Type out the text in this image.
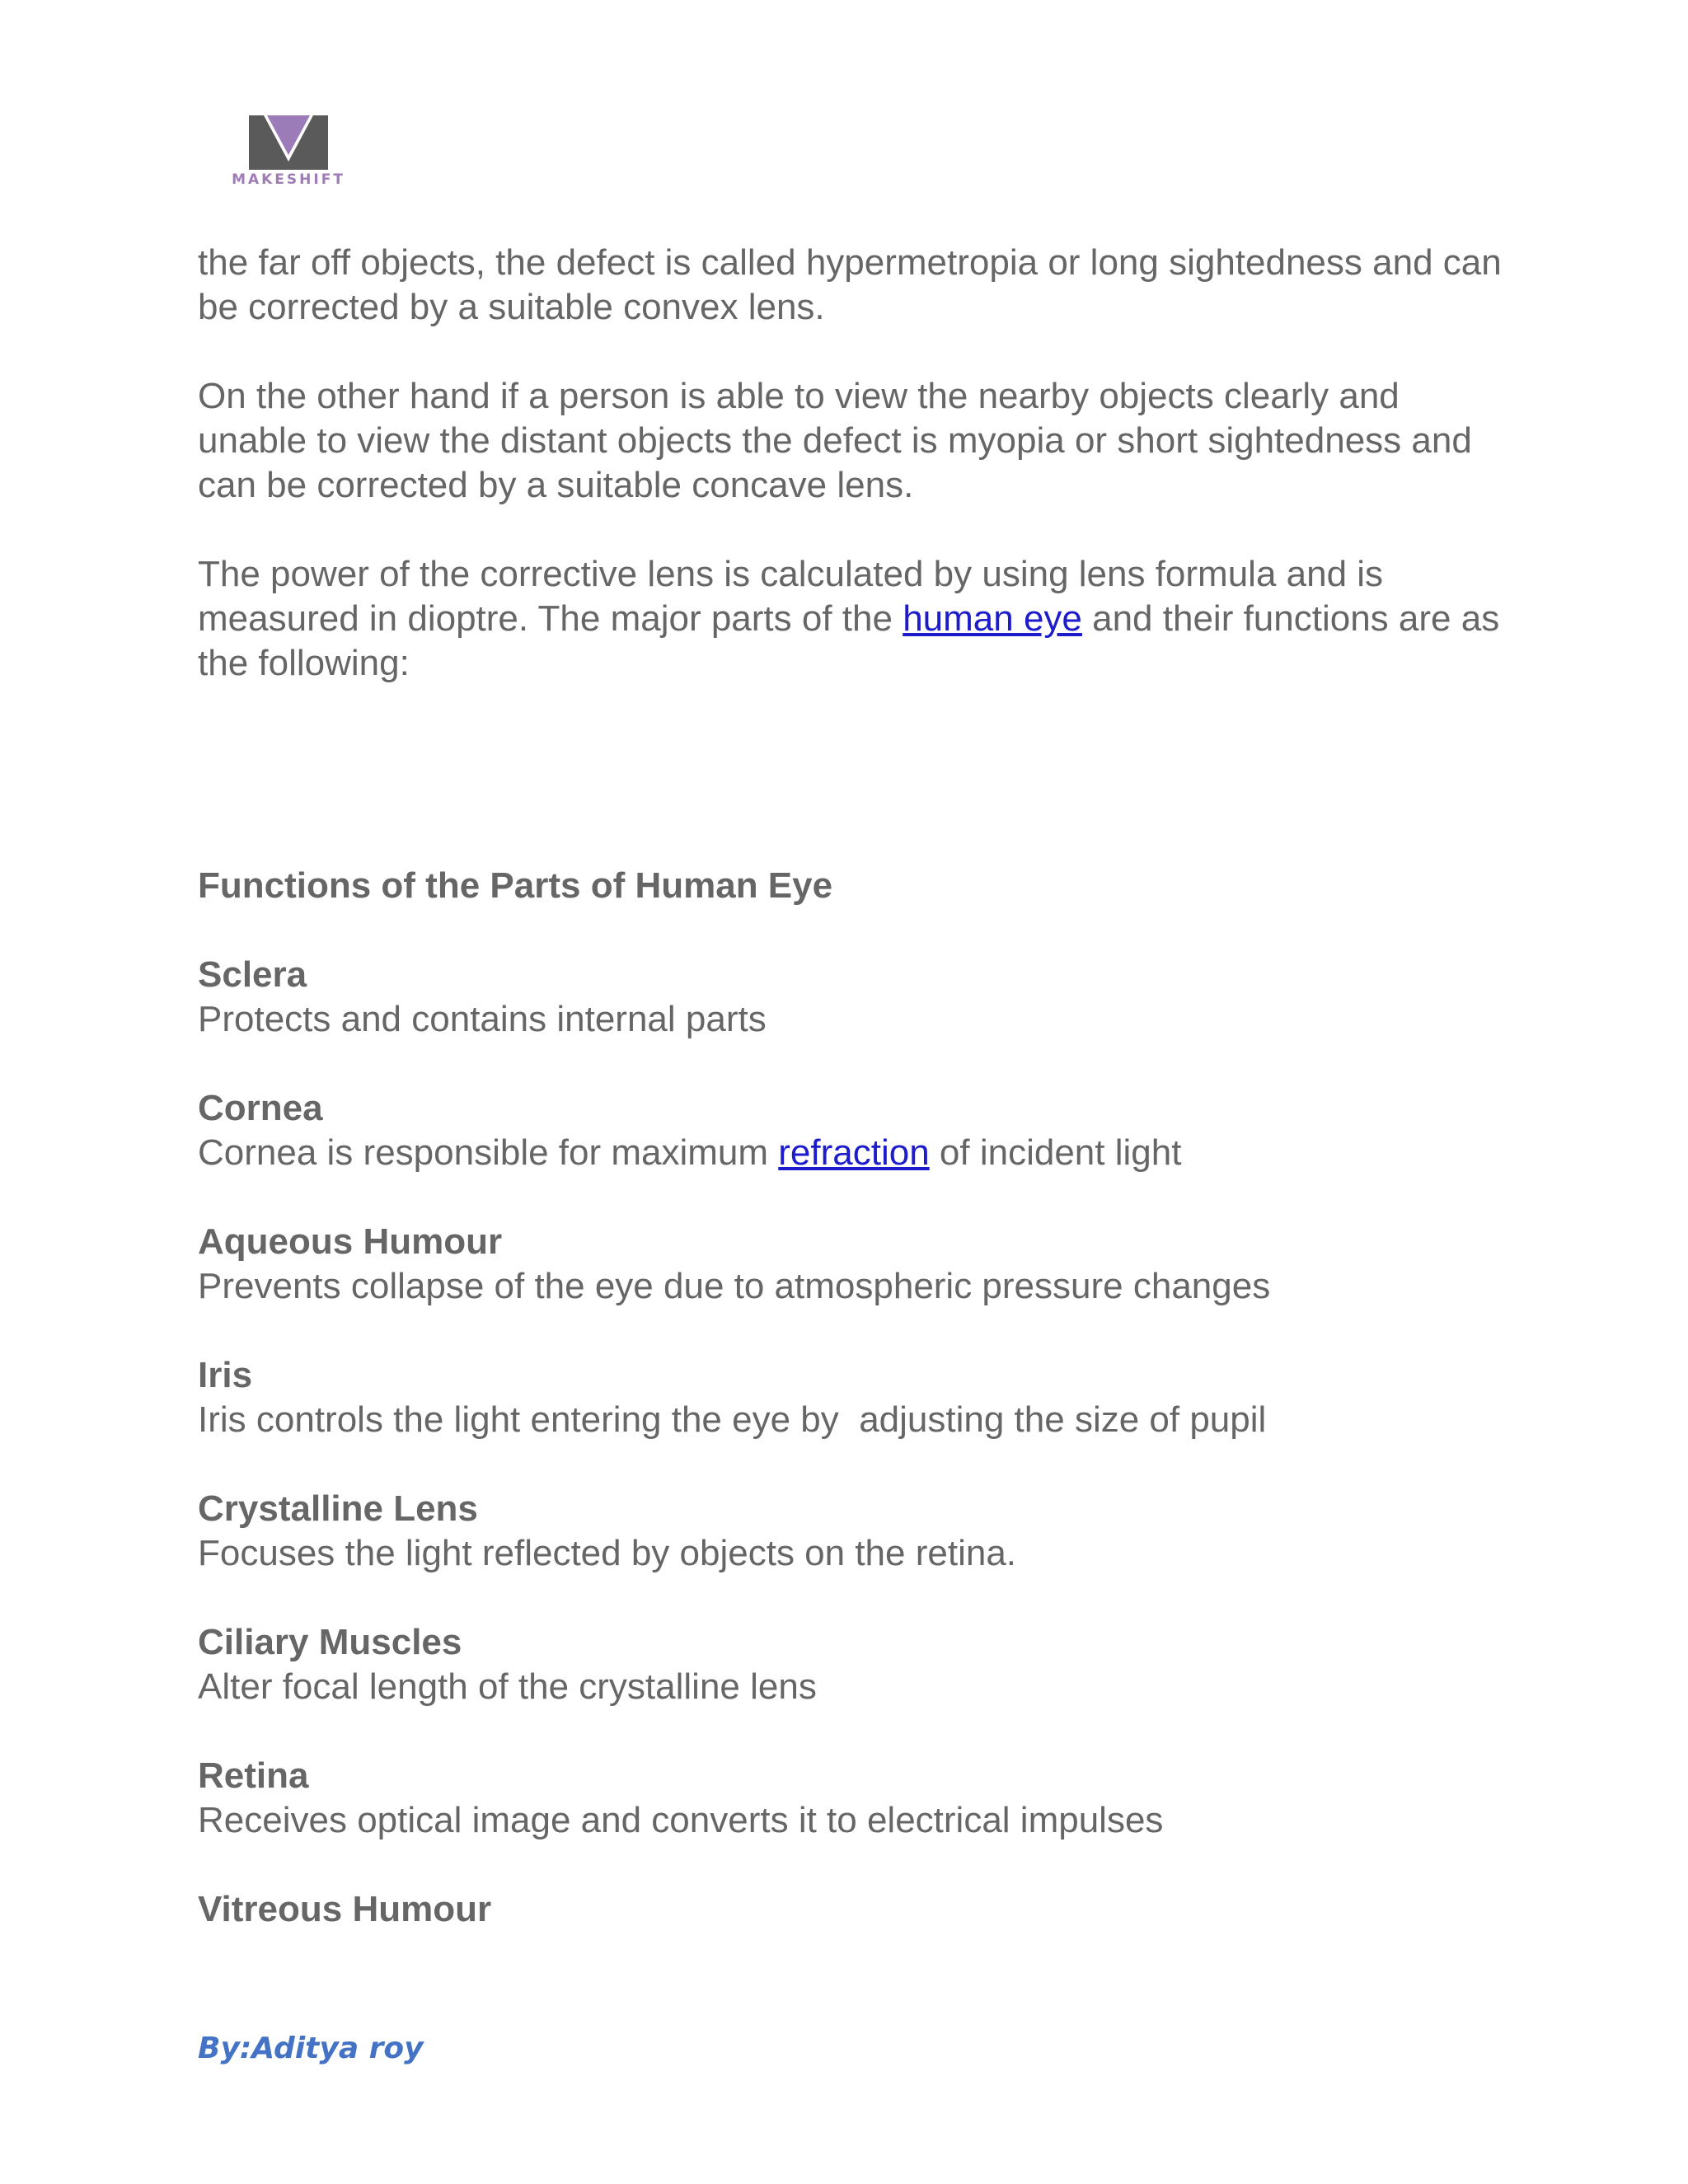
MAKESHIFT

the far off objects, the defect is called hypermetropia or long sightedness and can be corrected by a suitable convex lens.

On the other hand if a person is able to view the nearby objects clearly and unable to view the distant objects the defect is myopia or short sightedness and can be corrected by a suitable concave lens.

The power of the corrective lens is calculated by using lens formula and is measured in dioptre. The major parts of the human eye and their functions are as the following:

Functions of the Parts of Human Eye
Sclera

Protects and contains internal parts

Cornea

Cornea is responsible for maximum refraction of incident light

Aqueous Humour

Prevents collapse of the eye due to atmospheric pressure changes

Iris

Iris controls the light entering the eye by  adjusting the size of pupil

Crystalline Lens

Focuses the light reflected by objects on the retina.

Ciliary Muscles

Alter focal length of the crystalline lens

Retina

Receives optical image and converts it to electrical impulses

Vitreous Humour
By:Aditya roy
